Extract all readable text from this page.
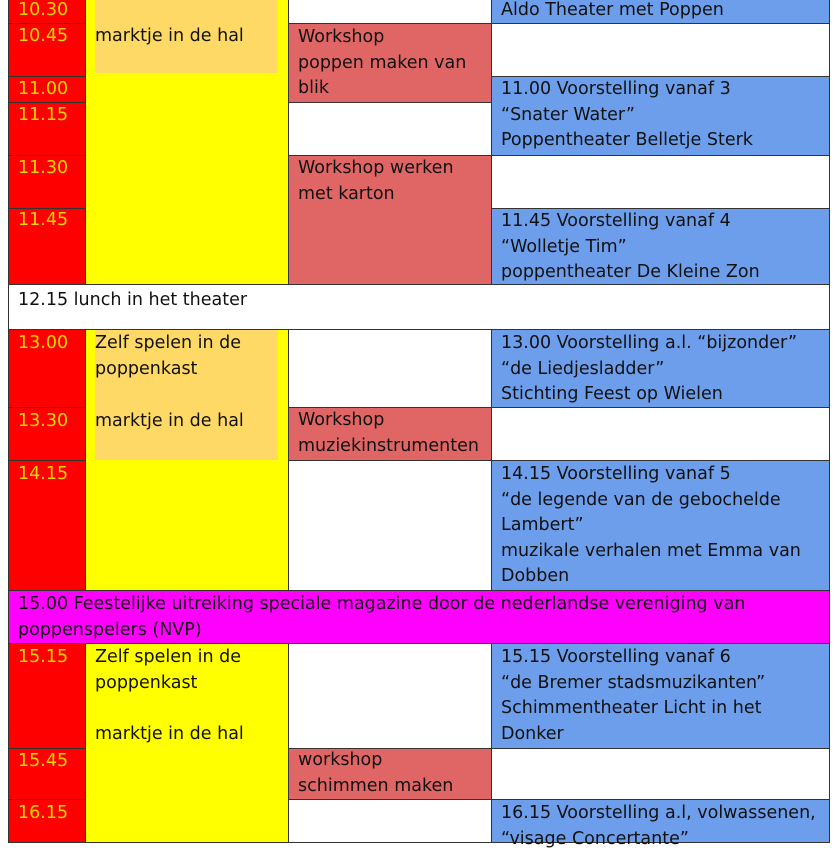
10.30
10.45
11.00
11.15
11.30
11.45
13.00
13.30
14.15
15.15
15.45
16.15
marktje in de hal
Zelf spelen in de
poppenkast
marktje in de hal
Zelf spelen in de
poppenkast
marktje in de hal
Workshop
poppen maken van
blik
Workshop werken
met karton
Workshop
muziekinstrumenten
workshop
schimmen maken
Aldo Theater met Poppen
11.00 Voorstelling vanaf 3
“Snater Water”
Poppentheater Belletje Sterk
11.45 Voorstelling vanaf 4
“Wolletje Tim”
poppentheater De Kleine Zon
13.00 Voorstelling a.l. “bijzonder”
“de Liedjesladder”
Stichting Feest op Wielen
14.15 Voorstelling vanaf 5
“de legende van de gebochelde
Lambert”
muzikale verhalen met Emma van
Dobben
15.15 Voorstelling vanaf 6
“de Bremer stadsmuzikanten”
Schimmentheater Licht in het
Donker
16.15 Voorstelling a.l, volwassenen,
“visage Concertante”
12.15 lunch in het theater
15.00 Feestelijke uitreiking speciale magazine door de nederlandse vereniging van
poppenspelers (NVP)
